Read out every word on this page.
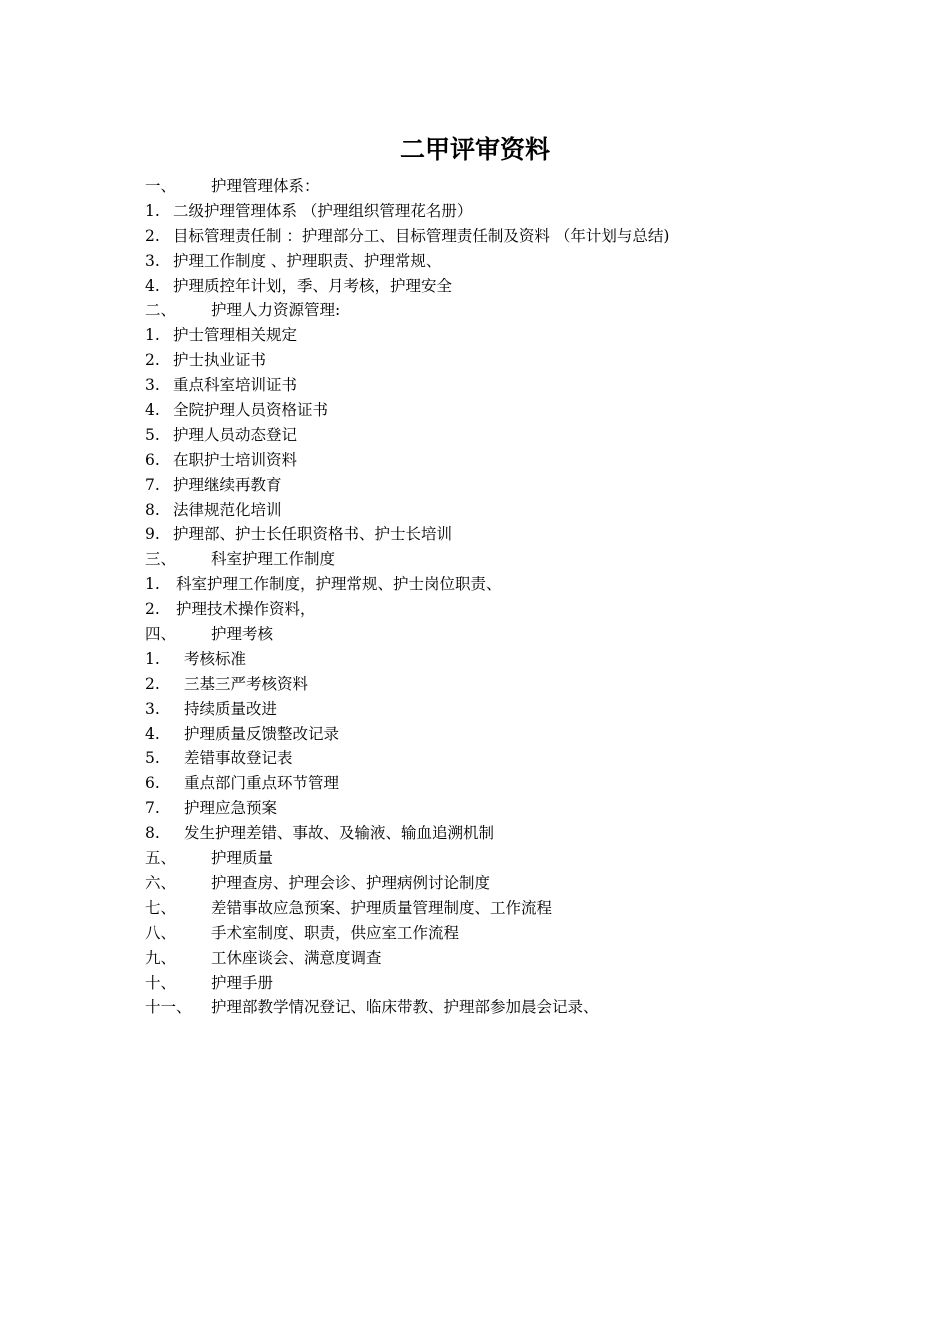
二甲评审资料
一、	护理管理体系：
1. 二级护理管理体系 （护理组织管理花名册）
2. 目标管理责任制 ：护理部分工、目标管理责任制及资料 （年计划与总结)
3. 护理工作制度 、护理职责、护理常规、
4. 护理质控年计划，季、月考核，护理安全
二、	护理人力资源管理:
1. 护士管理相关规定
2. 护士执业证书
3. 重点科室培训证书
4. 全院护理人员资格证书
5. 护理人员动态登记
6. 在职护士培训资料
7. 护理继续再教育
8. 法律规范化培训
9. 护理部、护士长任职资格书、护士长培训
三、	科室护理工作制度
1.	科室护理工作制度，护理常规、护士岗位职责、
2.	护理技术操作资料，
四、	护理考核
1.	考核标准
2.	三基三严考核资料
3.	持续质量改进
4.	护理质量反馈整改记录
5.	差错事故登记表
6.	重点部门重点环节管理
7.	护理应急预案
8.	发生护理差错、事故、及输液、输血追溯机制
五、	护理质量
六、	护理查房、护理会诊、护理病例讨论制度
七、	差错事故应急预案、护理质量管理制度、工作流程
八、	手术室制度、职责，供应室工作流程
九、	工休座谈会、满意度调查
十、	护理手册
十一、	护理部教学情况登记、临床带教、护理部参加晨会记录、
